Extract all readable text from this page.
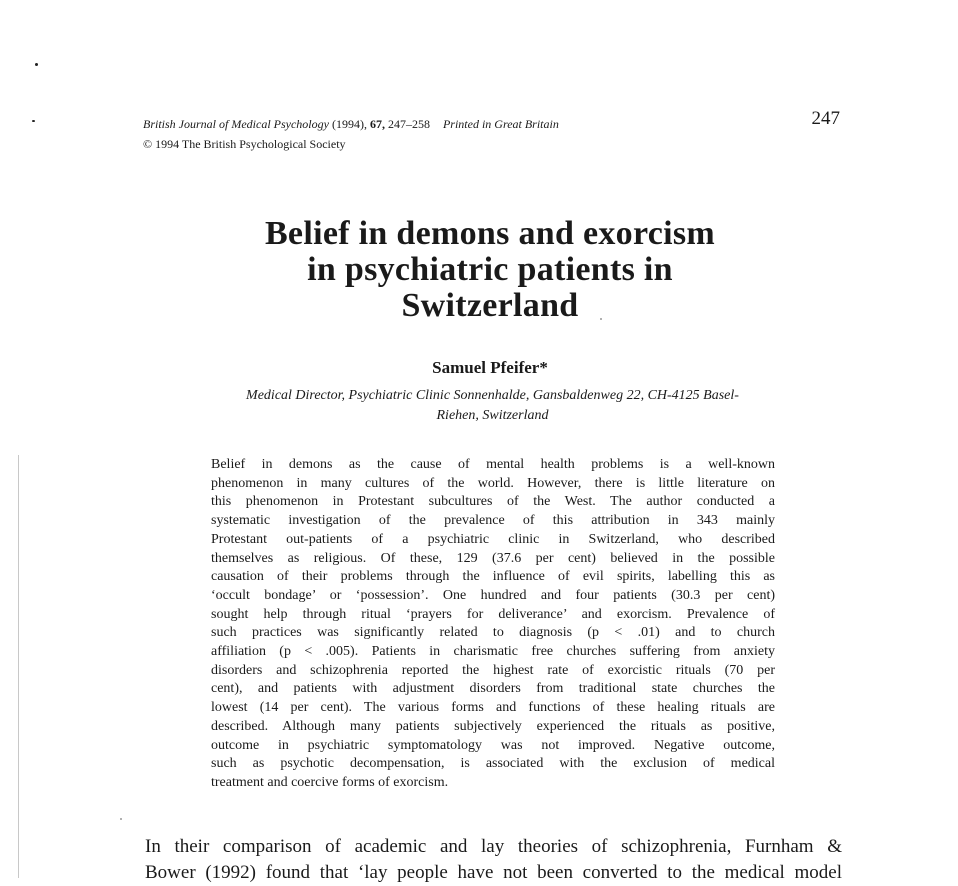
British Journal of Medical Psychology (1994), 67, 247–258 Printed in Great Britain
© 1994 The British Psychological Society
247
Belief in demons and exorcism
in psychiatric patients in
Switzerland
Samuel Pfeifer*
Medical Director, Psychiatric Clinic Sonnenhalde, Gansbaldenweg 22, CH-4125 Basel-
Riehen, Switzerland
Belief in demons as the cause of mental health problems is a well-known
phenomenon in many cultures of the world. However, there is little literature on
this phenomenon in Protestant subcultures of the West. The author conducted a
systematic investigation of the prevalence of this attribution in 343 mainly
Protestant out-patients of a psychiatric clinic in Switzerland, who described
themselves as religious. Of these, 129 (37.6 per cent) believed in the possible
causation of their problems through the influence of evil spirits, labelling this as
‘occult bondage’ or ‘possession’. One hundred and four patients (30.3 per cent)
sought help through ritual ‘prayers for deliverance’ and exorcism. Prevalence of
such practices was significantly related to diagnosis (p < .01) and to church
affiliation (p < .005). Patients in charismatic free churches suffering from anxiety
disorders and schizophrenia reported the highest rate of exorcistic rituals (70 per
cent), and patients with adjustment disorders from traditional state churches the
lowest (14 per cent). The various forms and functions of these healing rituals are
described. Although many patients subjectively experienced the rituals as positive,
outcome in psychiatric symptomatology was not improved. Negative outcome,
such as psychotic decompensation, is associated with the exclusion of medical
treatment and coercive forms of exorcism.
In their comparison of academic and lay theories of schizophrenia, Furnham &
Bower (1992) found that ‘lay people have not been converted to the medical model
